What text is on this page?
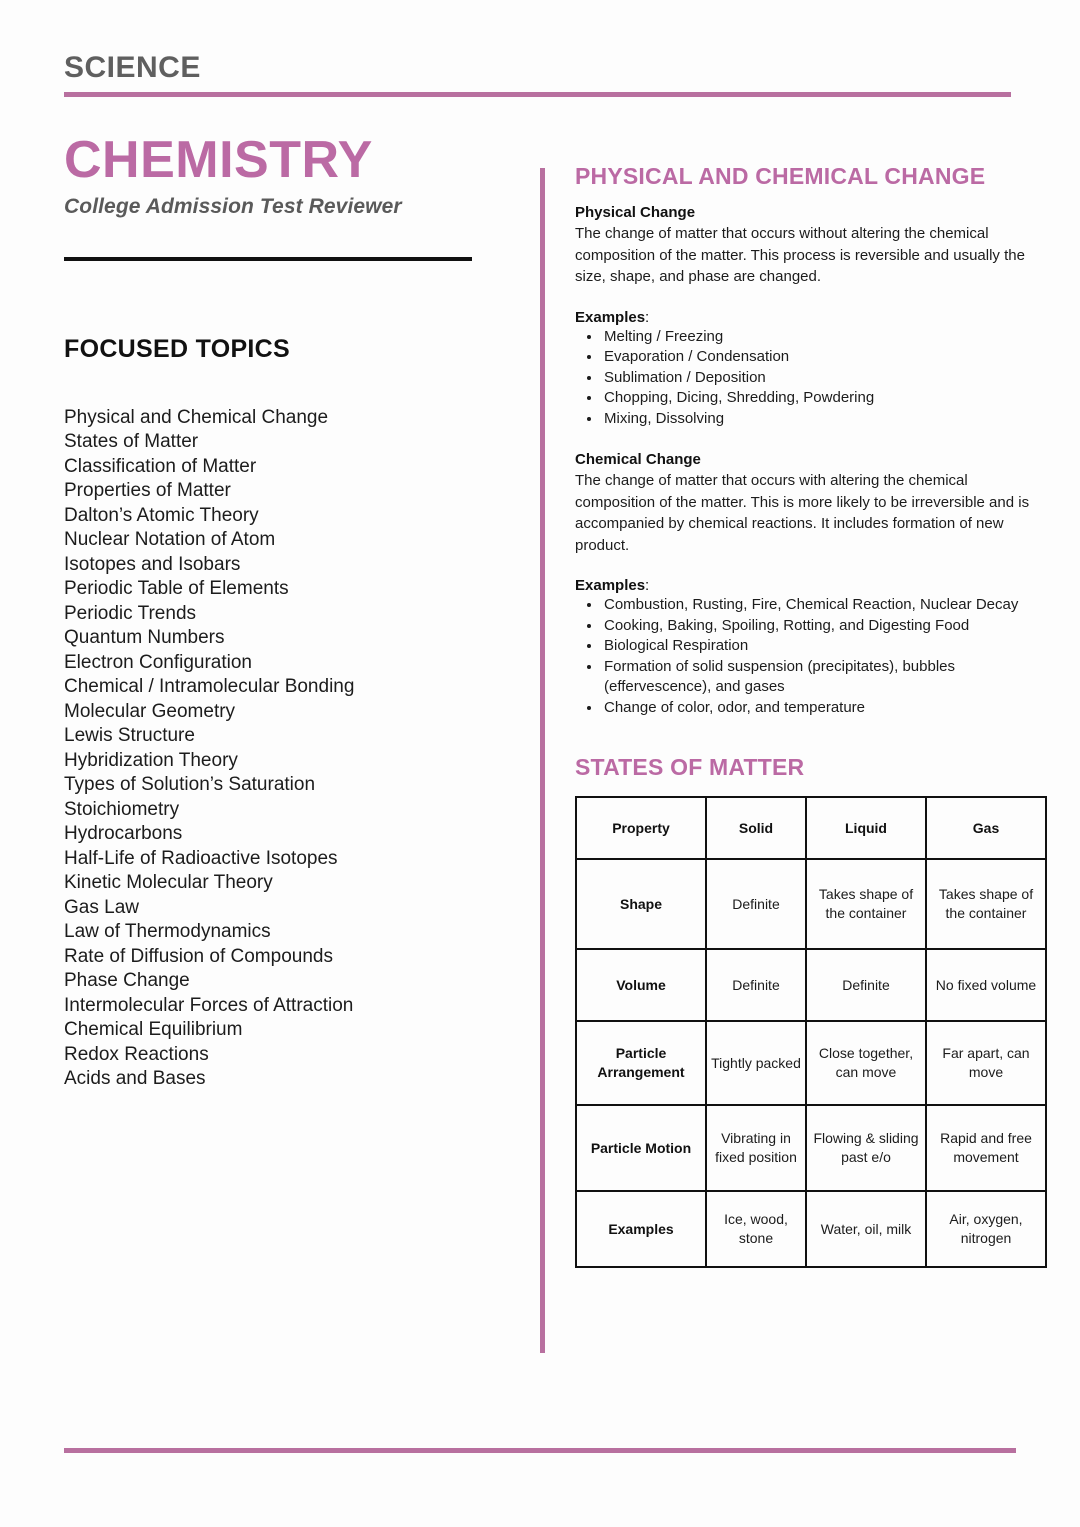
SCIENCE
CHEMISTRY
College Admission Test Reviewer
FOCUSED TOPICS
Physical and Chemical Change
States of Matter
Classification of Matter
Properties of Matter
Dalton’s Atomic Theory
Nuclear Notation of Atom
Isotopes and Isobars
Periodic Table of Elements
Periodic Trends
Quantum Numbers
Electron Configuration
Chemical / Intramolecular Bonding
Molecular Geometry
Lewis Structure
Hybridization Theory
Types of Solution’s Saturation
Stoichiometry
Hydrocarbons
Half-Life of Radioactive Isotopes
Kinetic Molecular Theory
Gas Law
Law of Thermodynamics
Rate of Diffusion of Compounds
Phase Change
Intermolecular Forces of Attraction
Chemical Equilibrium
Redox Reactions
Acids and Bases
PHYSICAL AND CHEMICAL CHANGE
Physical Change

The change of matter that occurs without altering the chemical composition of the matter. This process is reversible and usually the size, shape, and phase are changed.

Examples:
• Melting / Freezing
• Evaporation / Condensation
• Sublimation / Deposition
• Chopping, Dicing, Shredding, Powdering
• Mixing, Dissolving
Chemical Change

The change of matter that occurs with altering the chemical composition of the matter. This is more likely to be irreversible and is accompanied by chemical reactions. It includes formation of new product.

Examples:
• Combustion, Rusting, Fire, Chemical Reaction, Nuclear Decay
• Cooking, Baking, Spoiling, Rotting, and Digesting Food
• Biological Respiration
• Formation of solid suspension (precipitates), bubbles (effervescence), and gases
• Change of color, odor, and temperature
STATES OF MATTER
Property	Solid	Liquid	Gas
Shape	Definite	Takes shape of the container	Takes shape of the container
Volume	Definite	Definite	No fixed volume
Particle Arrangement	Tightly packed	Close together, can move	Far apart, can move
Particle Motion	Vibrating in fixed position	Flowing & sliding past e/o	Rapid and free movement
Examples	Ice, wood, stone	Water, oil, milk	Air, oxygen, nitrogen
